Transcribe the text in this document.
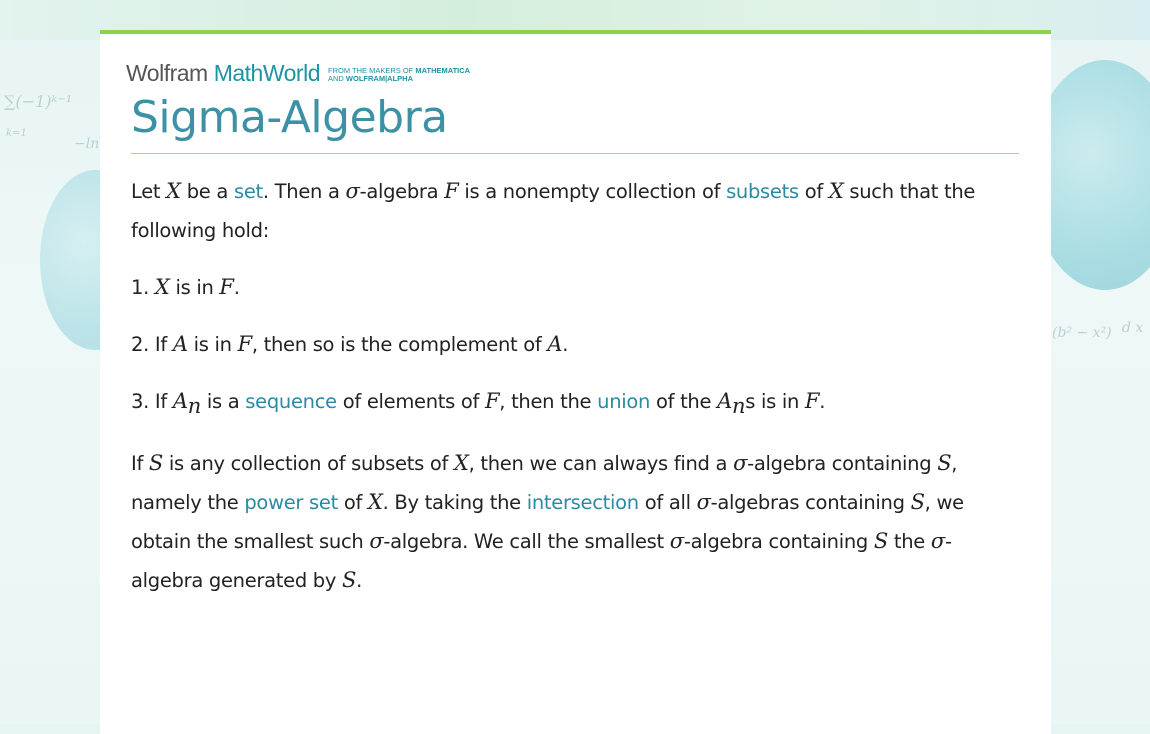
∑(−1)ᵏ⁻¹
k=1
−ln
(b² − x²) d x
Wolfram MathWorld FROM THE MAKERS OF MATHEMATICA
AND WOLFRAM|ALPHA
Sigma-Algebra

Let X be a set. Then a σ-algebra F is a nonempty collection of subsets of X such that the following hold:

1. X is in F.

2. If A is in F, then so is the complement of A.

3. If $A_n$ is a sequence of elements of F, then the union of the $A_ns$ is in F.

If S is any collection of subsets of X, then we can always find a σ-algebra containing S, namely the power set of X. By taking the intersection of all σ-algebras containing S, we obtain the smallest such σ-algebra. We call the smallest σ-algebra containing S the σ-algebra generated by S.
